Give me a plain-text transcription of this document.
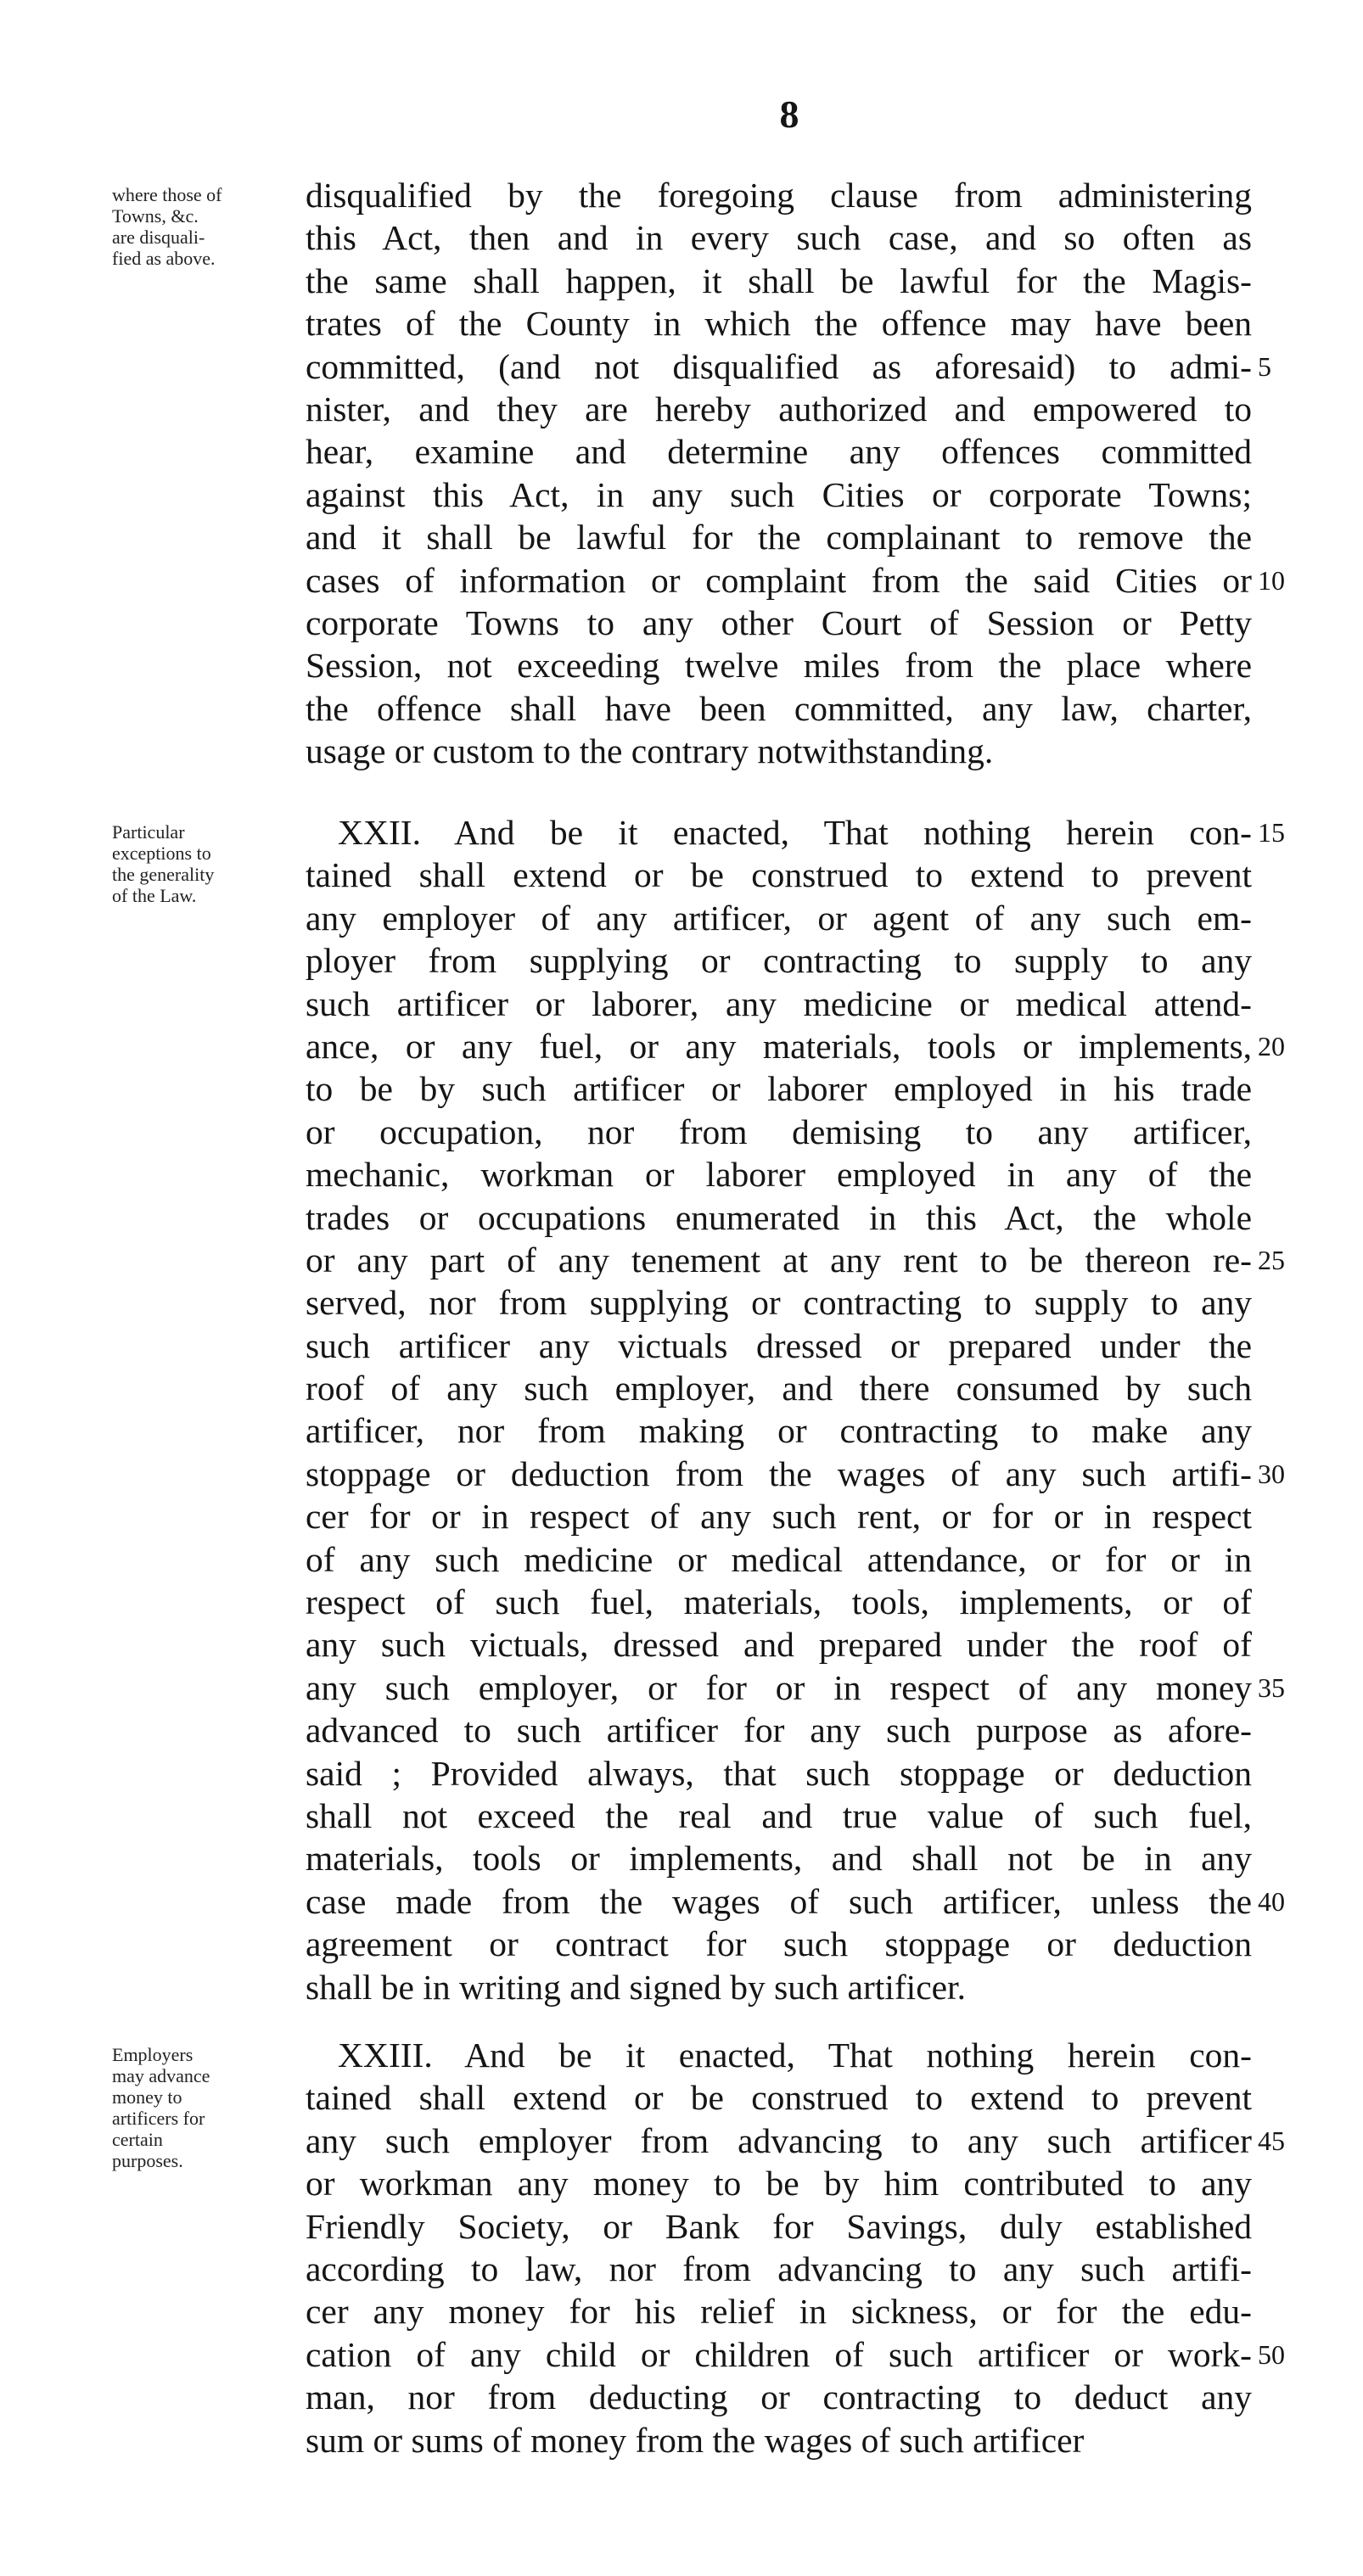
8
where those of
Towns, &c.
are disquali-
fied as above.
disqualified by the foregoing clause from administering
this Act, then and in every such case, and so often as
the same shall happen, it shall be lawful for the Magis-
trates of the County in which the offence may have been
committed, (and not disqualified as aforesaid) to admi-
nister, and they are hereby authorized and empowered to
hear, examine and determine any offences committed
against this Act, in any such Cities or corporate Towns;
and it shall be lawful for the complainant to remove the
cases of information or complaint from the said Cities or
corporate Towns to any other Court of Session or Petty
Session, not exceeding twelve miles from the place where
the offence shall have been committed, any law, charter,
usage or custom to the contrary notwithstanding.
5
10
Particular
exceptions to
the generality
of the Law.
XXII. And be it enacted, That nothing herein con-
tained shall extend or be construed to extend to prevent
any employer of any artificer, or agent of any such em-
ployer from supplying or contracting to supply to any
such artificer or laborer, any medicine or medical attend-
ance, or any fuel, or any materials, tools or implements,
to be by such artificer or laborer employed in his trade
or occupation, nor from demising to any artificer,
mechanic, workman or laborer employed in any of the
trades or occupations enumerated in this Act, the whole
or any part of any tenement at any rent to be thereon re-
served, nor from supplying or contracting to supply to any
such artificer any victuals dressed or prepared under the
roof of any such employer, and there consumed by such
artificer, nor from making or contracting to make any
stoppage or deduction from the wages of any such artifi-
cer for or in respect of any such rent, or for or in respect
of any such medicine or medical attendance, or for or in
respect of such fuel, materials, tools, implements, or of
any such victuals, dressed and prepared under the roof of
any such employer, or for or in respect of any money
advanced to such artificer for any such purpose as afore-
said ; Provided always, that such stoppage or deduction
shall not exceed the real and true value of such fuel,
materials, tools or implements, and shall not be in any
case made from the wages of such artificer, unless the
agreement or contract for such stoppage or deduction
shall be in writing and signed by such artificer.
15
20
25
30
35
40
Employers
may advance
money to
artificers for
certain
purposes.
XXIII. And be it enacted, That nothing herein con-
tained shall extend or be construed to extend to prevent
any such employer from advancing to any such artificer
or workman any money to be by him contributed to any
Friendly Society, or Bank for Savings, duly established
according to law, nor from advancing to any such artifi-
cer any money for his relief in sickness, or for the edu-
cation of any child or children of such artificer or work-
man, nor from deducting or contracting to deduct any
sum or sums of money from the wages of such artificer
45
50
